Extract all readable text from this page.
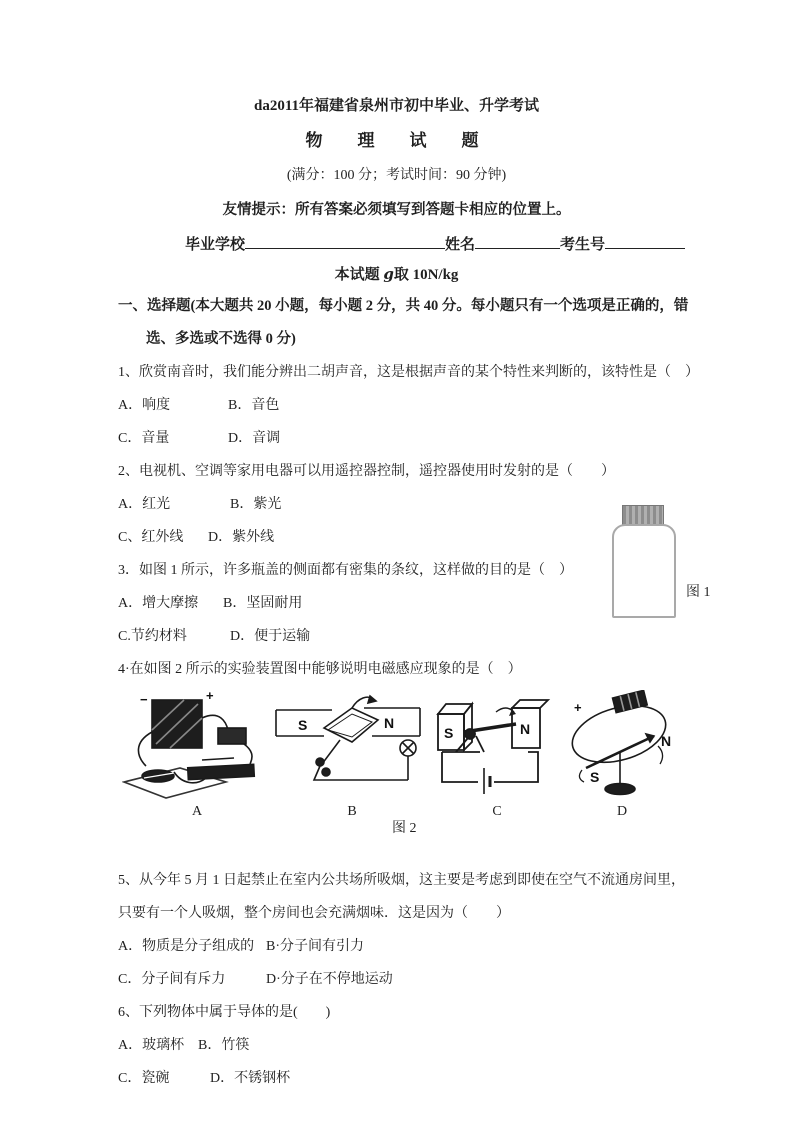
da2011年福建省泉州市初中毕业、升学考试
物　理　试　题
(满分：100 分；考试时间：90 分钟)
友情提示：所有答案必须填写到答题卡相应的位置上。
毕业学校	姓名	考生号
本试题 g取 10N/kg
一、选择题(本大题共 20 小题，每小题 2 分，共 40 分。每小题只有一个选项是正确的，错
选、多选或不选得 0 分)
1、欣赏南音时，我们能分辨出二胡声音，这是根据声音的某个特性来判断的，该特性是（　）
A．响度	B．音色
C．音量	D．音调
2、电视机、空调等家用电器可以用遥控器控制，遥控器使用时发射的是（　　）
A．红光	B．紫光
C、红外线 D．紫外线
3．如图 1 所示，许多瓶盖的侧面都有密集的条纹，这样做的目的是（　）
A．增大摩擦 B．坚固耐用
C.节约材料	D．便于运输
4·在如图 2 所示的实验装置图中能够说明电磁感应现象的是（　）
−	+
A
S	N
B
S	N
C
+
N
S
D
图 2
5、从今年 5 月 1 日起禁止在室内公共场所吸烟，这主要是考虑到即使在空气不流通房间里，
只要有一个人吸烟，整个房间也会充满烟味．这是因为（　　）
A．物质是分子组成的 B·分子间有引力
C．分子间有斥力	D·分子在不停地运动
6、下列物体中属于导体的是(　　)
A．玻璃杯 B．竹筷
C．瓷碗	D．不锈钢杯
图 1
